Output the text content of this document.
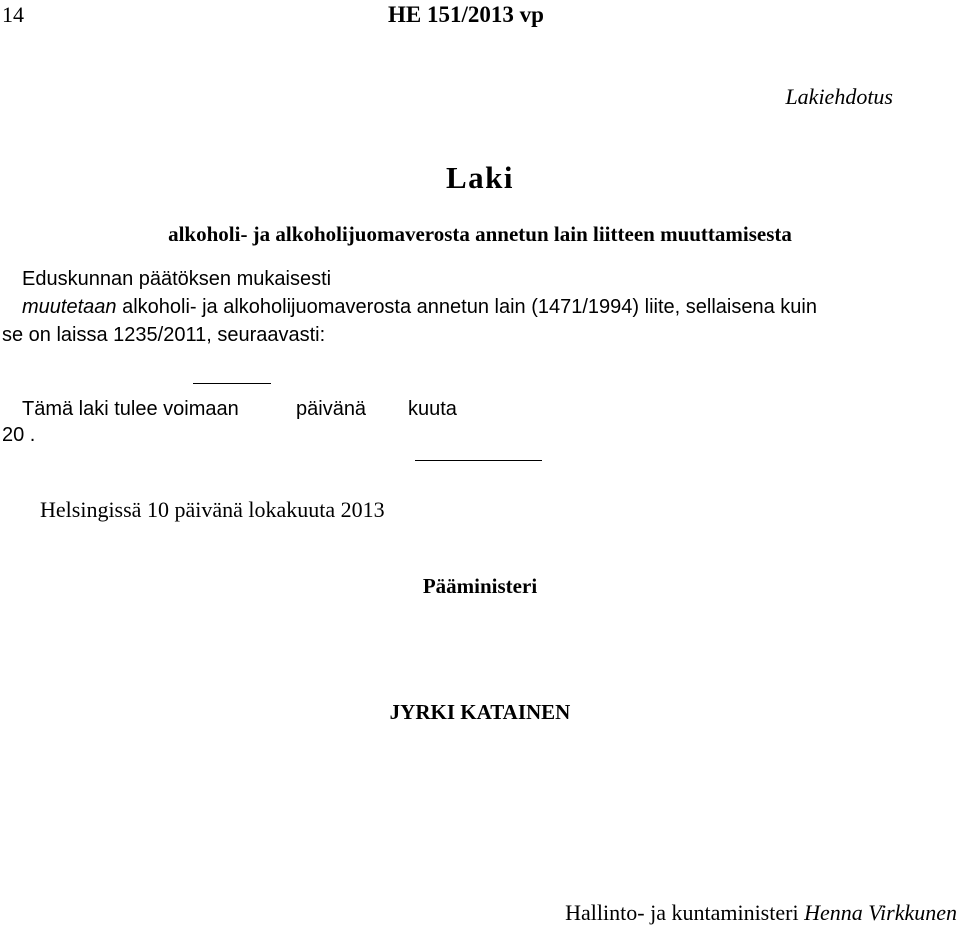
14	HE 151/2013 vp
Lakiehdotus
Laki
alkoholi- ja alkoholijuomaverosta annetun lain liitteen muuttamisesta
Eduskunnan päätöksen mukaisesti
muutetaan alkoholi- ja alkoholijuomaverosta annetun lain (1471/1994) liite, sellaisena kuin
se on laissa 1235/2011, seuraavasti:
Tämä laki tulee voimaan	päivänä kuuta
20 .
Helsingissä 10 päivänä lokakuuta 2013
Pääministeri
JYRKI KATAINEN
Hallinto- ja kuntaministeri Henna Virkkunen
